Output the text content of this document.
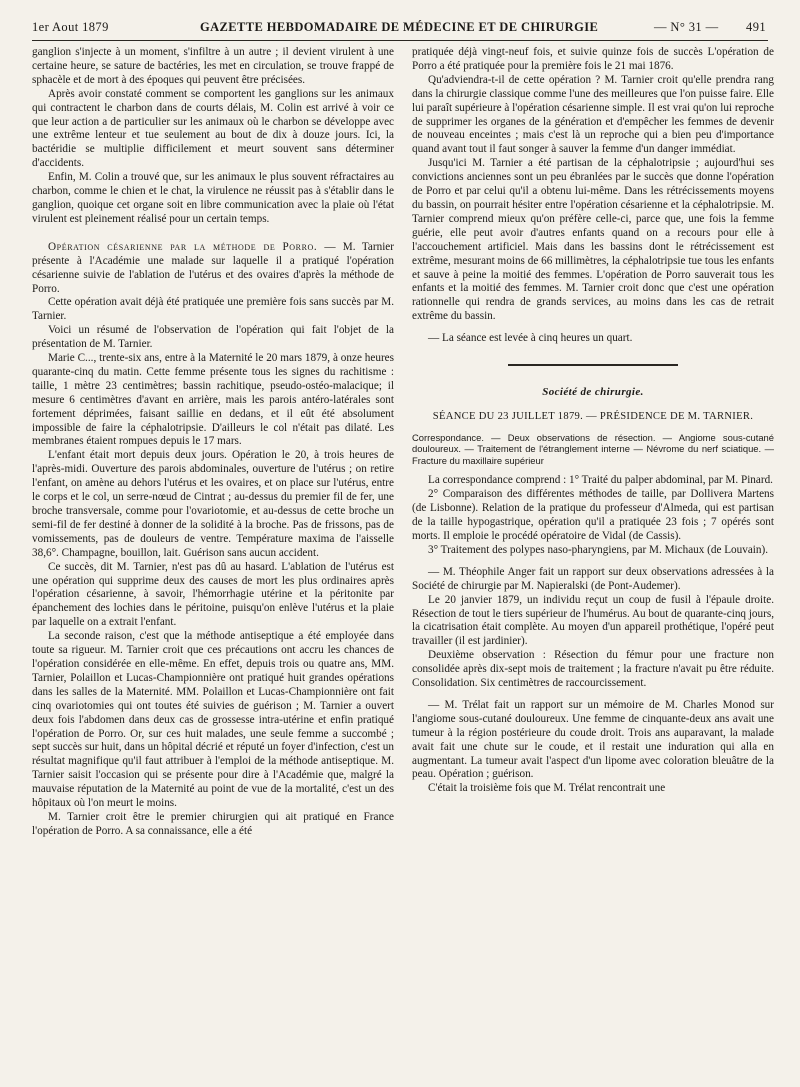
1er Aout 1879	GAZETTE HEBDOMADAIRE DE MÉDECINE ET DE CHIRURGIE	— N° 31 — 491

ganglion s'injecte à un moment, s'infiltre à un autre ; il devient virulent à une certaine heure, se sature de bactéries, les met en circulation, se trouve frappé de sphacèle et de mort à des époques qui peuvent être précisées.

Après avoir constaté comment se comportent les ganglions sur les animaux qui contractent le charbon dans de courts délais, M. Colin est arrivé à voir ce que leur action a de particulier sur les animaux où le charbon se développe avec une extrême lenteur et tue seulement au bout de dix à douze jours. Ici, la bactéridie se multiplie difficilement et meurt souvent sans déterminer d'accidents.

Enfin, M. Colin a trouvé que, sur les animaux le plus souvent réfractaires au charbon, comme le chien et le chat, la virulence ne réussit pas à s'établir dans le ganglion, quoique cet organe soit en libre communication avec la plaie où l'état virulent est pleinement réalisé pour un certain temps.

Opération césarienne par la méthode de Porro. — M. Tarnier présente à l'Académie une malade sur laquelle il a pratiqué l'opération césarienne suivie de l'ablation de l'utérus et des ovaires d'après la méthode de Porro.

Cette opération avait déjà été pratiquée une première fois sans succès par M. Tarnier.

Voici un résumé de l'observation de l'opération qui fait l'objet de la présentation de M. Tarnier.

Marie C..., trente-six ans, entre à la Maternité le 20 mars 1879, à onze heures quarante-cinq du matin. Cette femme présente tous les signes du rachitisme : taille, 1 mètre 23 centimètres; bassin rachitique, pseudo-ostéo-malacique; il mesure 6 centimètres d'avant en arrière, mais les parois antéro-latérales sont fortement déprimées, faisant saillie en dedans, et il eût été absolument impossible de faire la céphalotripsie. D'ailleurs le col n'était pas dilaté. Les membranes étaient rompues depuis le 17 mars.

L'enfant était mort depuis deux jours. Opération le 20, à trois heures de l'après-midi. Ouverture des parois abdominales, ouverture de l'utérus ; on retire l'enfant, on amène au dehors l'utérus et les ovaires, et on place sur l'utérus, entre le corps et le col, un serre-nœud de Cintrat ; au-dessus du premier fil de fer, une broche transversale, comme pour l'ovariotomie, et au-dessus de cette broche un semi-fil de fer destiné à donner de la solidité à la broche. Pas de frissons, pas de vomissements, pas de douleurs de ventre. Température maxima de l'aisselle 38,6°. Champagne, bouillon, lait. Guérison sans aucun accident.

Ce succès, dit M. Tarnier, n'est pas dû au hasard. L'ablation de l'utérus est une opération qui supprime deux des causes de mort les plus ordinaires après l'opération césarienne, à savoir, l'hémorrhagie utérine et la péritonite par épanchement des lochies dans le péritoine, puisqu'on enlève l'utérus et la plaie par laquelle on a extrait l'enfant.

La seconde raison, c'est que la méthode antiseptique a été employée dans toute sa rigueur. M. Tarnier croit que ces précautions ont accru les chances de l'opération considérée en elle-même. En effet, depuis trois ou quatre ans, MM. Tarnier, Polaillon et Lucas-Championnière ont pratiqué huit grandes opérations dans les salles de la Maternité. MM. Polaillon et Lucas-Championnière ont fait cinq ovariotomies qui ont toutes été suivies de guérison ; M. Tarnier a ouvert deux fois l'abdomen dans deux cas de grossesse intra-utérine et enfin pratiqué l'opération de Porro. Or, sur ces huit malades, une seule femme a succombé ; sept succès sur huit, dans un hôpital décrié et réputé un foyer d'infection, c'est un résultat magnifique qu'il faut attribuer à l'emploi de la méthode antiseptique. M. Tarnier saisit l'occasion qui se présente pour dire à l'Académie que, malgré la mauvaise réputation de la Maternité au point de vue de la mortalité, c'est un des hôpitaux où l'on meurt le moins.

M. Tarnier croit être le premier chirurgien qui ait pratiqué en France l'opération de Porro. A sa connaissance, elle a été

pratiquée déjà vingt-neuf fois, et suivie quinze fois de succès L'opération de Porro a été pratiquée pour la première fois le 21 mai 1876.

Qu'adviendra-t-il de cette opération ? M. Tarnier croit qu'elle prendra rang dans la chirurgie classique comme l'une des meilleures que l'on puisse faire. Elle lui paraît supérieure à l'opération césarienne simple. Il est vrai qu'on lui reproche de supprimer les organes de la génération et d'empêcher les femmes de devenir de nouveau enceintes ; mais c'est là un reproche qui a bien peu d'importance quand avant tout il faut songer à sauver la femme d'un danger immédiat.

Jusqu'ici M. Tarnier a été partisan de la céphalotripsie ; aujourd'hui ses convictions anciennes sont un peu ébranlées par le succès que donne l'opération de Porro et par celui qu'il a obtenu lui-même. Dans les rétrécissements moyens du bassin, on pourrait hésiter entre l'opération césarienne et la céphalotripsie. M. Tarnier comprend mieux qu'on préfère celle-ci, parce que, une fois la femme guérie, elle peut avoir d'autres enfants quand on a recours pour elle à l'accouchement artificiel. Mais dans les bassins dont le rétrécissement est extrême, mesurant moins de 66 millimètres, la céphalotripsie tue tous les enfants et sauve à peine la moitié des femmes. L'opération de Porro sauverait tous les enfants et la moitié des femmes. M. Tarnier croit donc que c'est une opération rationnelle qui rendra de grands services, au moins dans les cas de retrait extrême du bassin.

— La séance est levée à cinq heures un quart.

Société de chirurgie.
SÉANCE DU 23 JUILLET 1879. — PRÉSIDENCE DE M. TARNIER.
Correspondance. — Deux observations de résection. — Angiome sous-cutané douloureux. — Traitement de l'étranglement interne — Névrome du nerf sciatique. — Fracture du maxillaire supérieur

La correspondance comprend : 1° Traité du palper abdominal, par M. Pinard.

2° Comparaison des différentes méthodes de taille, par Dollivera Martens (de Lisbonne). Relation de la pratique du professeur d'Almeda, qui est partisan de la taille hypogastrique, opération qu'il a pratiquée 23 fois ; 7 opérés sont morts. Il emploie le procédé opératoire de Vidal (de Cassis).

3° Traitement des polypes naso-pharyngiens, par M. Michaux (de Louvain).

— M. Théophile Anger fait un rapport sur deux observations adressées à la Société de chirurgie par M. Napieralski (de Pont-Audemer).

Le 20 janvier 1879, un individu reçut un coup de fusil à l'épaule droite. Résection de tout le tiers supérieur de l'humérus. Au bout de quarante-cinq jours, la cicatrisation était complète. Au moyen d'un appareil prothétique, l'opéré peut travailler (il est jardinier).

Deuxième observation : Résection du fémur pour une fracture non consolidée après dix-sept mois de traitement ; la fracture n'avait pu être réduite. Consolidation. Six centimètres de raccourcissement.

— M. Trélat fait un rapport sur un mémoire de M. Charles Monod sur l'angiome sous-cutané douloureux. Une femme de cinquante-deux ans avait une tumeur à la région postérieure du coude droit. Trois ans auparavant, la malade avait fait une chute sur le coude, et il restait une induration qui alla en augmentant. La tumeur avait l'aspect d'un lipome avec coloration bleuâtre de la peau. Opération ; guérison.

C'était la troisième fois que M. Trélat rencontrait une
